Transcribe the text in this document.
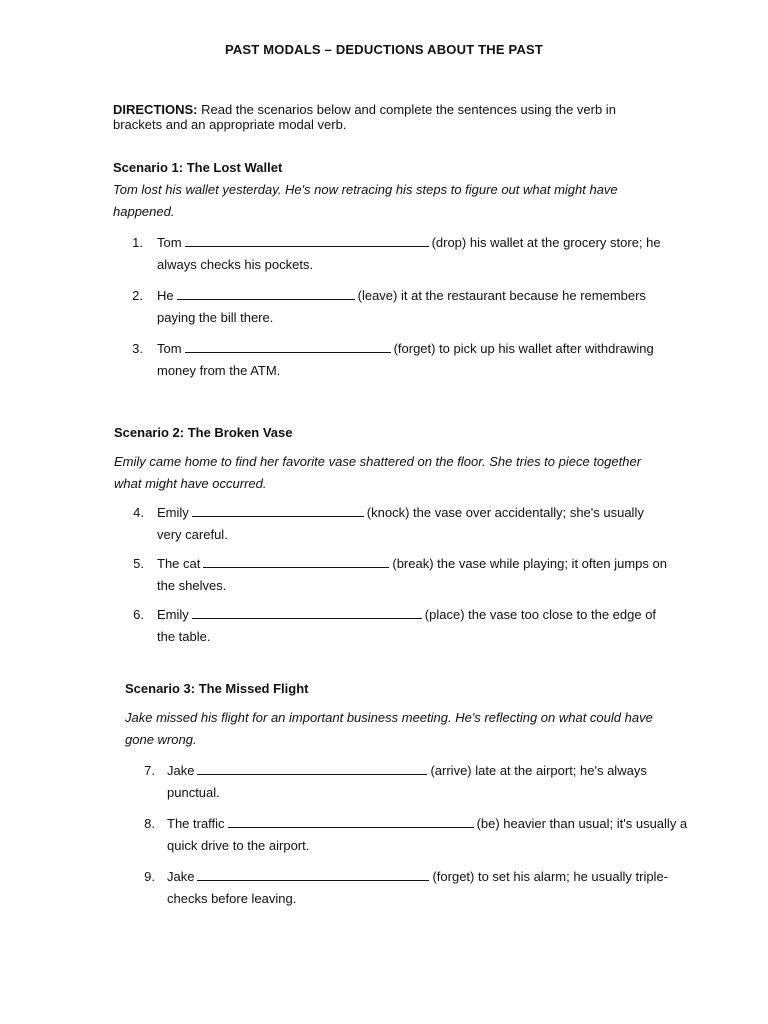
PAST MODALS – DEDUCTIONS ABOUT THE PAST
DIRECTIONS: Read the scenarios below and complete the sentences using the verb in brackets and an appropriate modal verb.
Scenario 1: The Lost Wallet
Tom lost his wallet yesterday. He's now retracing his steps to figure out what might have happened.
1. Tom	(drop) his wallet at the grocery store; he always checks his pockets.
2. He	(leave) it at the restaurant because he remembers paying the bill there.
3. Tom	(forget) to pick up his wallet after withdrawing money from the ATM.
Scenario 2: The Broken Vase
Emily came home to find her favorite vase shattered on the floor. She tries to piece together what might have occurred.
4. Emily	(knock) the vase over accidentally; she's usually very careful.
5. The cat	(break) the vase while playing; it often jumps on the shelves.
6. Emily	(place) the vase too close to the edge of the table.
Scenario 3: The Missed Flight
Jake missed his flight for an important business meeting. He's reflecting on what could have gone wrong.
7. Jake	(arrive) late at the airport; he's always punctual.
8. The traffic	(be) heavier than usual; it's usually a quick drive to the airport.
9. Jake	(forget) to set his alarm; he usually triple-checks before leaving.
